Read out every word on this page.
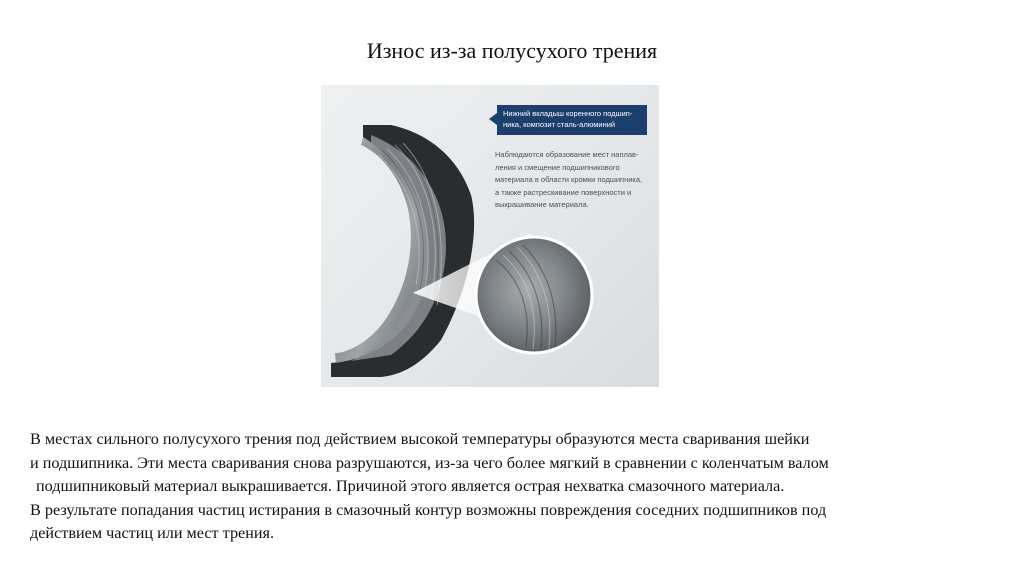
Износ из-за полусухого трения
Нижний вкладыш коренного подшип-
ника, композит сталь-алюминий
Наблюдаются образование мест наплав-
ления и смещение подшипникового
материала в области кромки подшипника,
а также растрескивание поверхности и
выкрашивание материала.

В местах сильного полусухого трения под действием высокой температуры образуются места сваривания шейки

и подшипника. Эти места сваривания снова разрушаются, из-за чего более мягкий в сравнении с коленчатым валом

подшипниковый материал выкрашивается. Причиной этого является острая нехватка смазочного материала.

В результате попадания частиц истирания в смазочный контур возможны повреждения соседних подшипников под

действием частиц или мест трения.
